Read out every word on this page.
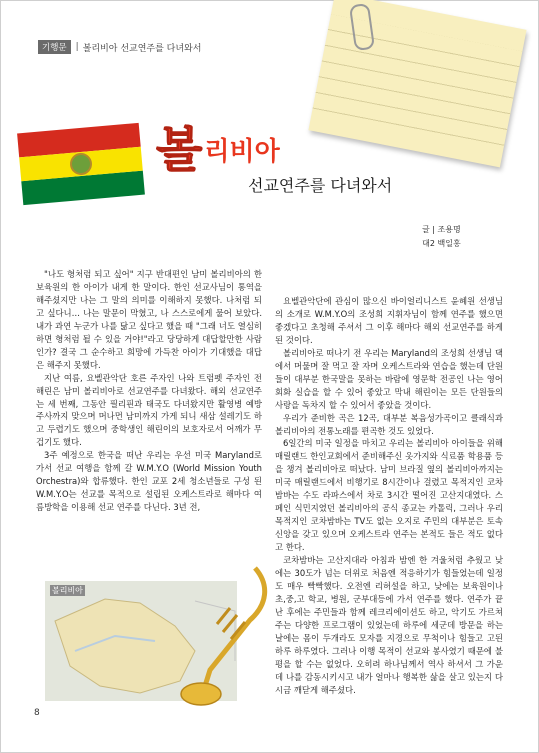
기행문	| 볼리비아 선교연주를 다녀와서
볼 리비아
선교연주를 다녀와서
글 | 조용명
대2 백일홍

"나도 형처럼 되고 싶어" 지구 반대편인 남미 볼리비아의 한 보육원의 한 아이가 내게 한 말이다. 한인 선교사님이 통역을 해주셨지만 나는 그 말의 의미를 이해하지 못했다. 나처럼 되고 싶다니… 나는 말문이 막혔고, 나 스스로에게 물어 보았다. 내가 과연 누군가 나를 닮고 싶다고 했을 때 "그래 너도 열심히 하면 형처럼 될 수 있을 거야!"라고 당당하게 대답할만한 사람인가? 결국 그 순수하고 희망에 가득찬 아이가 기대했을 대답은 해주지 못했다.

지난 여름, 요벨관악단 호른 주자인 나와 트럼펫 주자인 전해린은 남미 볼리비아로 선교연주를 다녀왔다. 해외 선교연주는 세 번째, 그동안 필리핀과 태국도 다녀왔지만 활영병 예방주사까지 맞으며 머나먼 남미까지 가게 되니 새삼 설레기도 하고 두렵기도 했으며 중학생인 해린이의 보호자로서 어깨가 무겁기도 했다.

3주 예정으로 한국을 떠난 우리는 우선 미국 Maryland로 가서 선교 여행을 함께 갈 W.M.Y.O (World Mission Youth Orchestra)와 합류했다. 한인 교포 2세 청소년들로 구성 된 W.M.Y.O는 선교를 목적으로 설립된 오케스트라로 해마다 여름방학을 이용해 선교 연주를 다닌다. 3년 전,

요벨관악단에 관심이 많으신 바이얼리니스트 윤혜원 선생님의 소개로 W.M.Y.O의 조성희 지휘자님이 함께 연주를 했으면 좋겠다고 초청해 주셔서 그 이후 해마다 해외 선교연주를 하게 된 것이다.

볼리비아로 떠나기 전 우리는 Maryland의 조성희 선생님 댁에서 머물며 잘 먹고 잘 자며 오케스트라와 연습을 했는데 단원들이 대부분 한국말을 못하는 바람에 영문학 전공인 나는 영어회화 실습을 할 수 있어 좋았고 막내 해린이는 모든 단원들의 사랑을 독차지 할 수 있어서 좋았을 것이다.

우리가 준비한 곡은 12곡, 대부분 복음성가곡이고 클래식과 볼리비아의 전통노래를 편곡한 것도 있었다.

6일간의 미국 일정을 마치고 우리는 볼리비아 아이들을 위해 매릴랜드 한인교회에서 준비해주신 옷가지와 식료품 학용품 등을 챙겨 볼리비아로 떠났다. 남미 브라질 옆의 볼리비아까지는 미국 매릴랜드에서 비행기로 8시간이나 걸렸고 목적지인 코차밤바는 수도 라파스에서 차로 3시간 떨어진 고산지대였다. 스페인 식민지였던 볼리비아의 공식 종교는 카톨릭, 그러나 우리 목적지인 코차밤바는 TV도 없는 오지로 주민의 대부분은 토속신앙을 갖고 있으며 오케스트라 연주는 본적도 들은 적도 없다고 한다.

코차밤바는 고산지대라 아침과 밤엔 한 겨울처럼 추웠고 낮에는 30도가 넘는 더위로 처음엔 적응하기가 힘들었는데 일정도 매우 빡빡했다. 오전엔 리허설을 하고, 낮에는 보육원이나 초,중,고 학교, 병원, 군부대등에 가서 연주를 했다. 연주가 끝난 후에는 주민들과 함께 레크리에이션도 하고, 악기도 가르쳐 주는 다양한 프로그램이 있었는데 하루에 세군데 방문을 하는 날에는 몸이 두개라도 모자를 지경으로 무척이나 힘들고 고된 하루 하루였다. 그러나 이행 목적이 선교와 봉사였기 때문에 불평을 할 수는 없었다. 오히려 하나님께서 역사 하셔서 그 가운데 나를 감동시키시고 내가 얼마나 행복한 삶을 살고 있는지 다시금 깨닫게 해주셨다.

볼리비아
8
